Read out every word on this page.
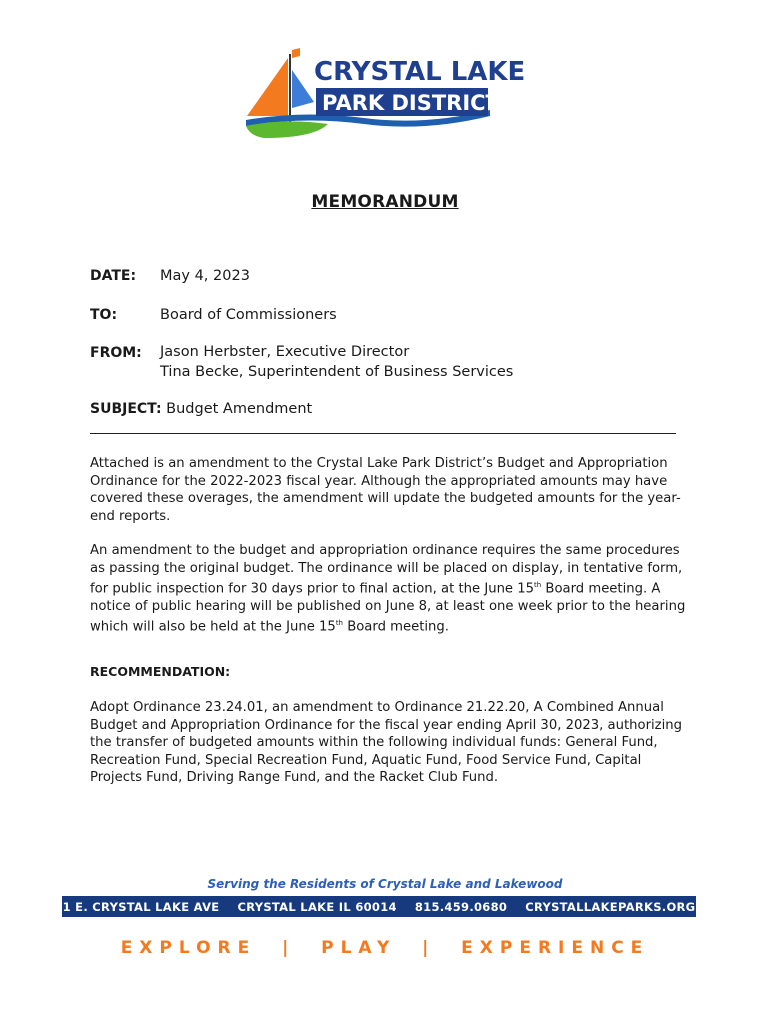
CRYSTAL LAKE
PARK DISTRICT
MEMORANDUM
DATE: May 4, 2023
TO:	Board of Commissioners
FROM: Jason Herbster, Executive Director
Tina Becke, Superintendent of Business Services
SUBJECT: Budget Amendment

Attached is an amendment to the Crystal Lake Park District’s Budget and Appropriation Ordinance for the 2022-2023 fiscal year. Although the appropriated amounts may have covered these overages, the amendment will update the budgeted amounts for the year-end reports.

An amendment to the budget and appropriation ordinance requires the same procedures as passing the original budget. The ordinance will be placed on display, in tentative form, for public inspection for 30 days prior to final action, at the June 15th Board meeting. A notice of public hearing will be published on June 8, at least one week prior to the hearing which will also be held at the June 15th Board meeting.

RECOMMENDATION:

Adopt Ordinance 23.24.01, an amendment to Ordinance 21.22.20, A Combined Annual Budget and Appropriation Ordinance for the fiscal year ending April 30, 2023, authorizing the transfer of budgeted amounts within the following individual funds: General Fund, Recreation Fund, Special Recreation Fund, Aquatic Fund, Food Service Fund, Capital Projects Fund, Driving Range Fund, and the Racket Club Fund.

Serving the Residents of Crystal Lake and Lakewood
1 E. CRYSTAL LAKE AVE CRYSTAL LAKE IL 60014 815.459.0680 CRYSTALLAKEPARKS.ORG
EXPLORE  |  PLAY  |  EXPERIENCE
